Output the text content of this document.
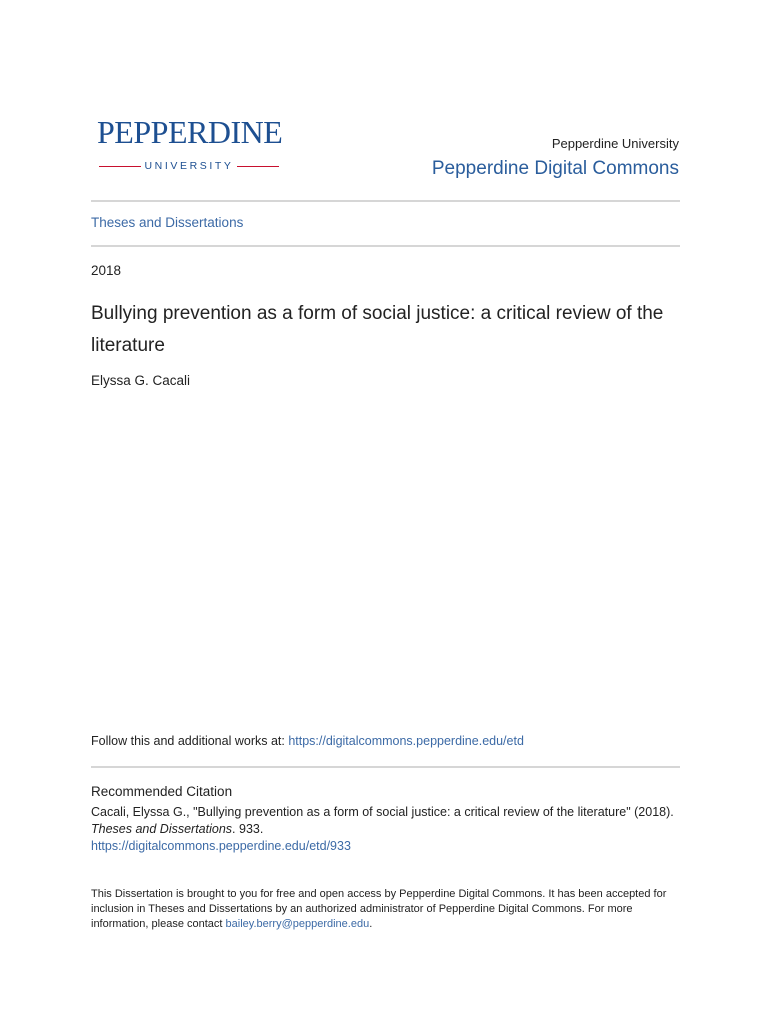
PEPPERDINE
UNIVERSITY
Pepperdine University
Pepperdine Digital Commons
Theses and Dissertations
2018
Bullying prevention as a form of social justice: a critical review of the literature
Elyssa G. Cacali
Follow this and additional works at: https://digitalcommons.pepperdine.edu/etd
Recommended Citation
Cacali, Elyssa G., "Bullying prevention as a form of social justice: a critical review of the literature" (2018).
Theses and Dissertations. 933.
https://digitalcommons.pepperdine.edu/etd/933
This Dissertation is brought to you for free and open access by Pepperdine Digital Commons. It has been accepted for inclusion in Theses and Dissertations by an authorized administrator of Pepperdine Digital Commons. For more information, please contact bailey.berry@pepperdine.edu.
